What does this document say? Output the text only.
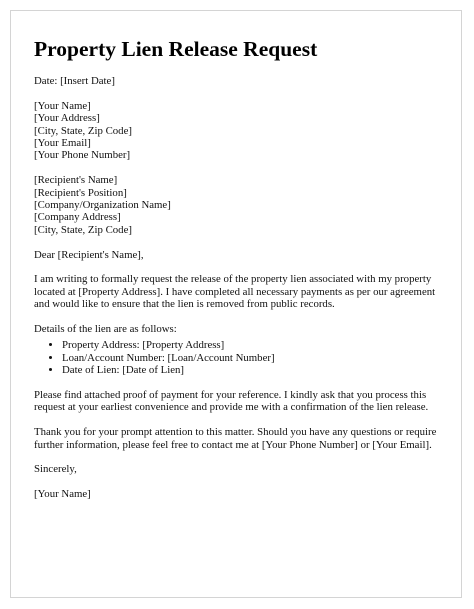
Property Lien Release Request

Date: [Insert Date]

[Your Name]
[Your Address]
[City, State, Zip Code]
[Your Email]
[Your Phone Number]

[Recipient's Name]
[Recipient's Position]
[Company/Organization Name]
[Company Address]
[City, State, Zip Code]

Dear [Recipient's Name],

I am writing to formally request the release of the property lien associated with my property located at [Property Address]. I have completed all necessary payments as per our agreement and would like to ensure that the lien is removed from public records.

Details of the lien are as follows:

• Property Address: [Property Address]
• Loan/Account Number: [Loan/Account Number]
• Date of Lien: [Date of Lien]

Please find attached proof of payment for your reference. I kindly ask that you process this request at your earliest convenience and provide me with a confirmation of the lien release.

Thank you for your prompt attention to this matter. Should you have any questions or require further information, please feel free to contact me at [Your Phone Number] or [Your Email].

Sincerely,

[Your Name]
